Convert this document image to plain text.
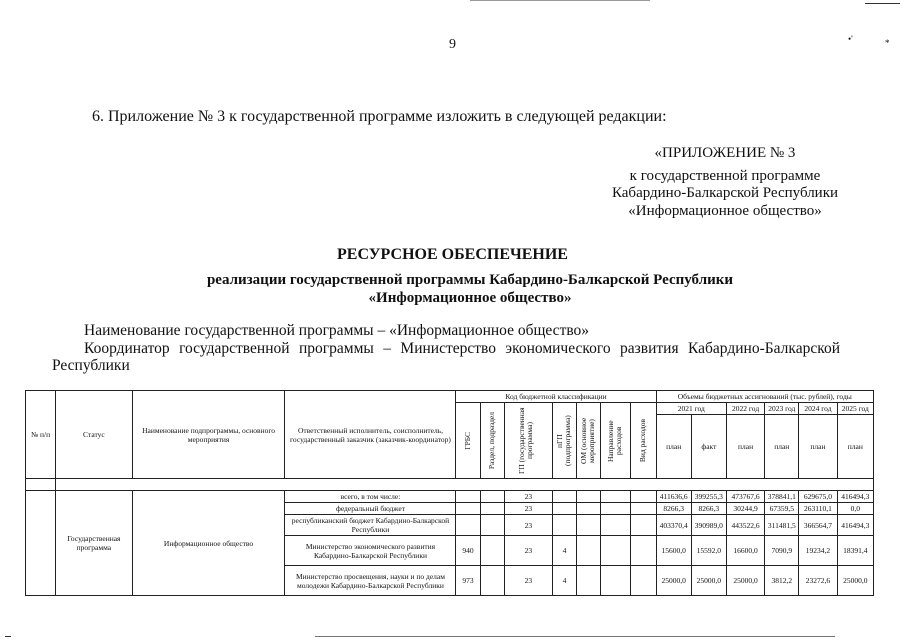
•'	*
9
6. Приложение № 3 к государственной программе изложить в следующей редакции:
«ПРИЛОЖЕНИЕ № 3
к государственной программе
Кабардино-Балкарской Республики
«Информационное общество»
РЕСУРСНОЕ ОБЕСПЕЧЕНИЕ
реализации государственной программы Кабардино-Балкарской Республики
«Информационное общество»
Наименование государственной программы – «Информационное общество»
Координатор государственной программы – Министерство экономического развития Кабардино-Балкарской
Республики
№ п/п	Статус	Наименование подпрограммы, основного мероприятия	Ответственный исполнитель, соисполнитель, государственный заказчик (заказчик-координатор)	Код бюджетной классификации							Объемы бюджетных ассигнований (тыс. рублей), годы					

				ГРБС	Раздел, подраздел	ГП (государственная программа)	пГП (подпрограмма)	ОМ (основное мероприятие)	Направление расходов	Вид расходов	2021 год		2022 год	2023 год	2024 год	2025 год
											план	факт	план	план	план	план

	Государственная программа	Информационное общество	всего, в том числе:			23					411636,6	399255,3	473767,6	378841,1	629675,0	416494,3
			федеральный бюджет			23					8266,3	8266,3	30244,9	67359,5	263110,1	0,0
			республиканский бюджет Кабардино-Балкарской Республики			23					403370,4	390989,0	443522,6	311481,5	366564,7	416494,3
			Министерство экономического развития Кабардино-Балкарской Республики	940		23	4				15600,0	15592,0	16600,0	7090,9	19234,2	18391,4
			Министерство просвещения, науки и по делам молодежи Кабардино-Балкарской Республики	973		23	4				25000,0	25000,0	25000,0	3812,2	23272,6	25000,0
